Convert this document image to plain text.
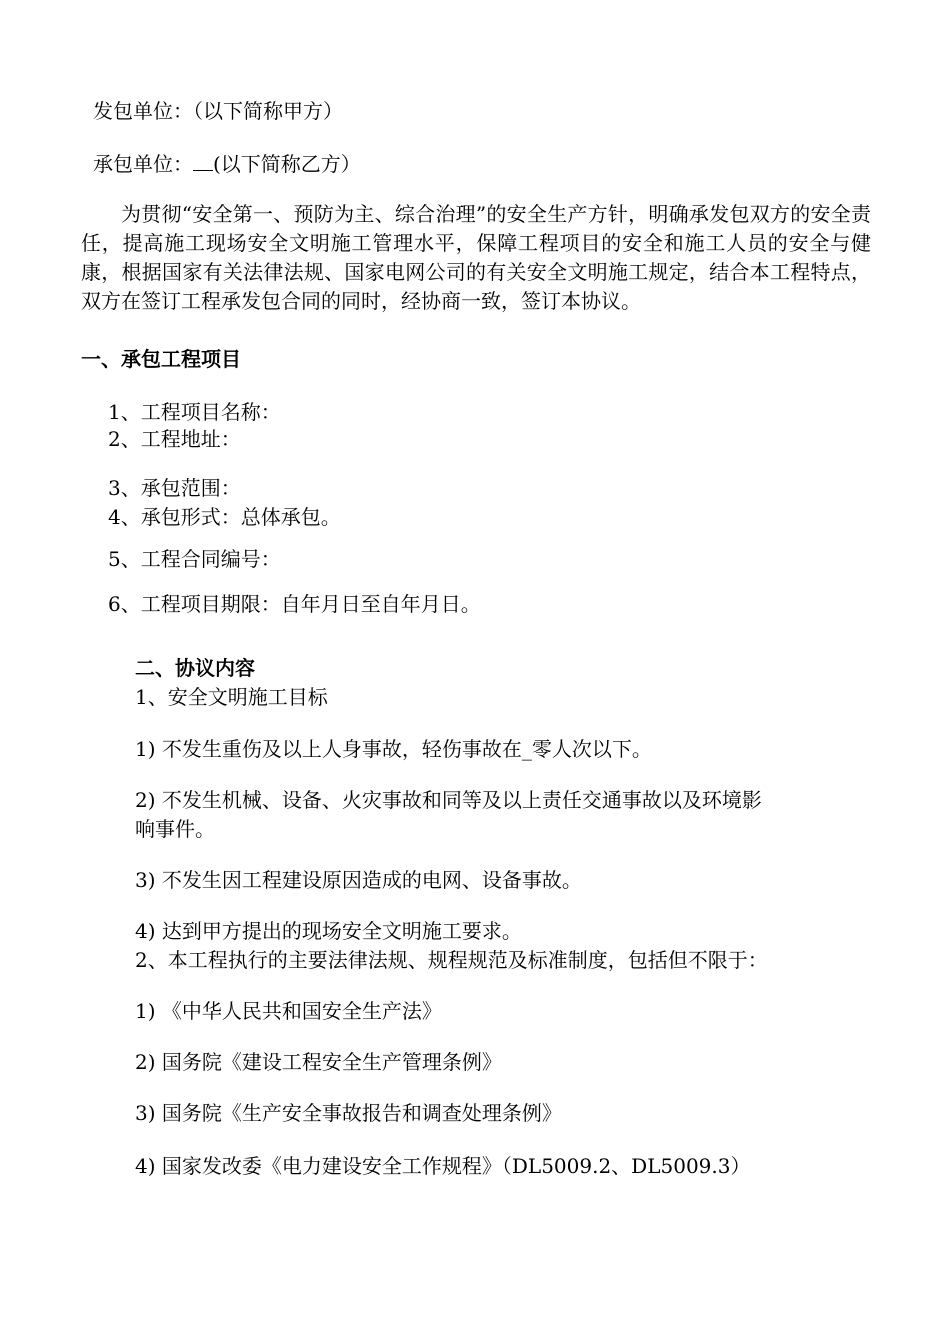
发包单位：（以下简称甲方）
承包单位： (以下简称乙方）
为贯彻“安全第一、预防为主、综合治理”的安全生产方针，明确承发包双方的安全责任，提高施工现场安全文明施工管理水平，保障工程项目的安全和施工人员的安全与健康，根据国家有关法律法规、国家电网公司的有关安全文明施工规定，结合本工程特点，双方在签订工程承发包合同的同时，经协商一致，签订本协议。
一、承包工程项目
1、工程项目名称：
2、工程地址：
3、承包范围：
4、承包形式：总体承包。
5、工程合同编号：
6、工程项目期限：自年月日至自年月日。
二、协议内容
1、安全文明施工目标
1) 不发生重伤及以上人身事故，轻伤事故在_零人次以下。
2) 不发生机械、设备、火灾事故和同等及以上责任交通事故以及环境影
响事件。
3) 不发生因工程建设原因造成的电网、设备事故。
4) 达到甲方提出的现场安全文明施工要求。
2、本工程执行的主要法律法规、规程规范及标准制度，包括但不限于：
1) 《中华人民共和国安全生产法》
2) 国务院《建设工程安全生产管理条例》
3) 国务院《生产安全事故报告和调查处理条例》
4) 国家发改委《电力建设安全工作规程》（DL5009.2、DL5009.3）
